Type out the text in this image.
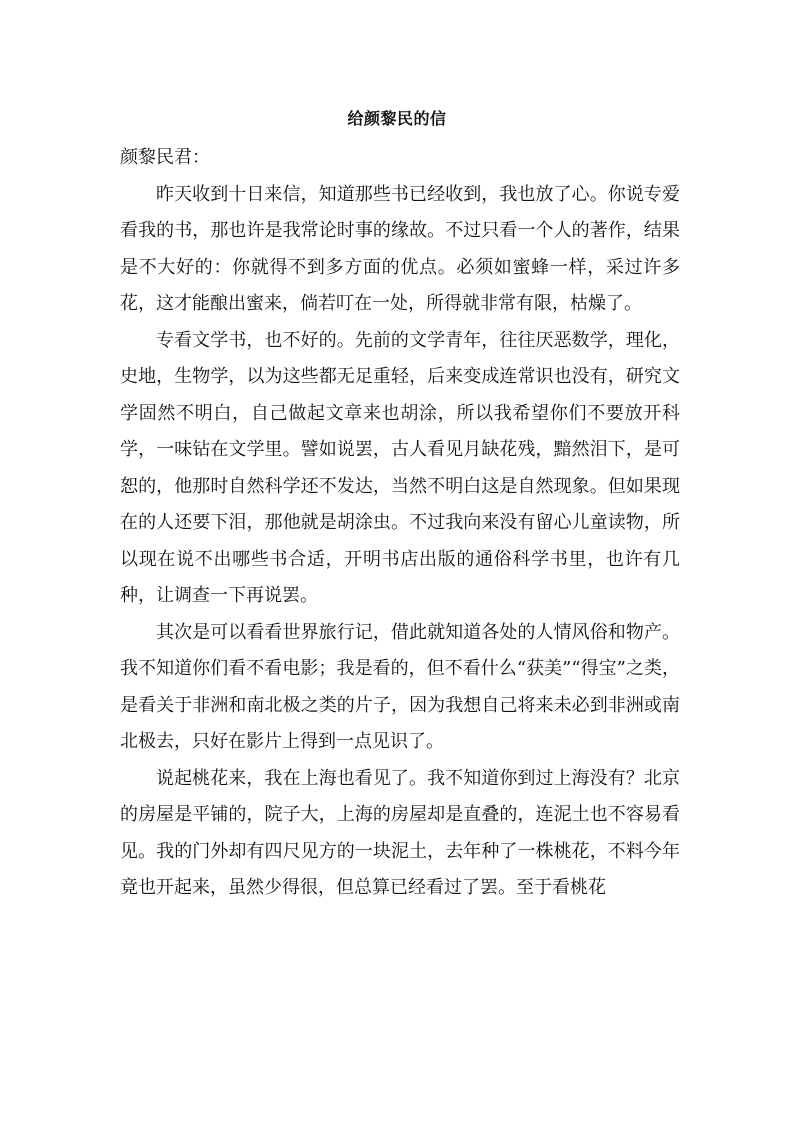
给颜黎民的信

颜黎民君：

昨天收到十日来信，知道那些书已经收到，我也放了心。你说专爱看我的书，那也许是我常论时事的缘故。不过只看一个人的著作，结果是不大好的：你就得不到多方面的优点。必须如蜜蜂一样，采过许多花，这才能酿出蜜来，倘若叮在一处，所得就非常有限，枯燥了。

专看文学书，也不好的。先前的文学青年，往往厌恶数学，理化，史地，生物学，以为这些都无足重轻，后来变成连常识也没有，研究文学固然不明白，自己做起文章来也胡涂，所以我希望你们不要放开科学，一味钻在文学里。譬如说罢，古人看见月缺花残，黯然泪下，是可恕的，他那时自然科学还不发达，当然不明白这是自然现象。但如果现在的人还要下泪，那他就是胡涂虫。不过我向来没有留心儿童读物，所以现在说不出哪些书合适，开明书店出版的通俗科学书里，也许有几种，让调查一下再说罢。

其次是可以看看世界旅行记，借此就知道各处的人情风俗和物产。我不知道你们看不看电影；我是看的，但不看什么“获美”“得宝”之类，是看关于非洲和南北极之类的片子，因为我想自己将来未必到非洲或南北极去，只好在影片上得到一点见识了。

说起桃花来，我在上海也看见了。我不知道你到过上海没有？北京的房屋是平铺的，院子大，上海的房屋却是直叠的，连泥土也不容易看见。我的门外却有四尺见方的一块泥土，去年种了一株桃花，不料今年竟也开起来，虽然少得很，但总算已经看过了罢。至于看桃花
